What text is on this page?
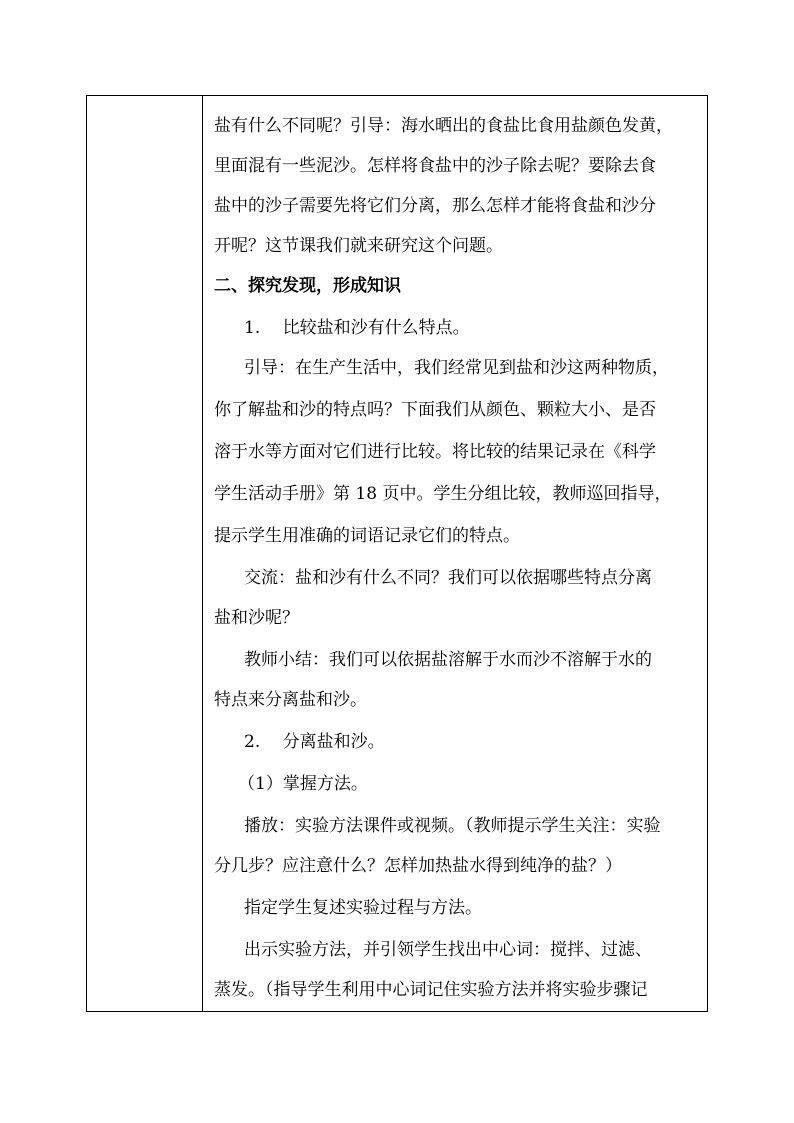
盐有什么不同呢？引导：海水晒出的食盐比食用盐颜色发黄，
里面混有一些泥沙。怎样将食盐中的沙子除去呢？要除去食
盐中的沙子需要先将它们分离，那么怎样才能将食盐和沙分
开呢？这节课我们就来研究这个问题。
二、探究发现，形成知识
1.　 比较盐和沙有什么特点。
引导：在生产生活中，我们经常见到盐和沙这两种物质，
你了解盐和沙的特点吗？下面我们从颜色、颗粒大小、是否
溶于水等方面对它们进行比较。将比较的结果记录在《科学
学生活动手册》第 18 页中。学生分组比较，教师巡回指导，
提示学生用准确的词语记录它们的特点。
交流：盐和沙有什么不同？我们可以依据哪些特点分离
盐和沙呢？
教师小结：我们可以依据盐溶解于水而沙不溶解于水的
特点来分离盐和沙。
2.　 分离盐和沙。
（1）掌握方法。
播放：实验方法课件或视频。（教师提示学生关注：实验
分几步？应注意什么？怎样加热盐水得到纯净的盐？）
指定学生复述实验过程与方法。
出示实验方法，并引领学生找出中心词：搅拌、过滤、
蒸发。（指导学生利用中心词记住实验方法并将实验步骤记
